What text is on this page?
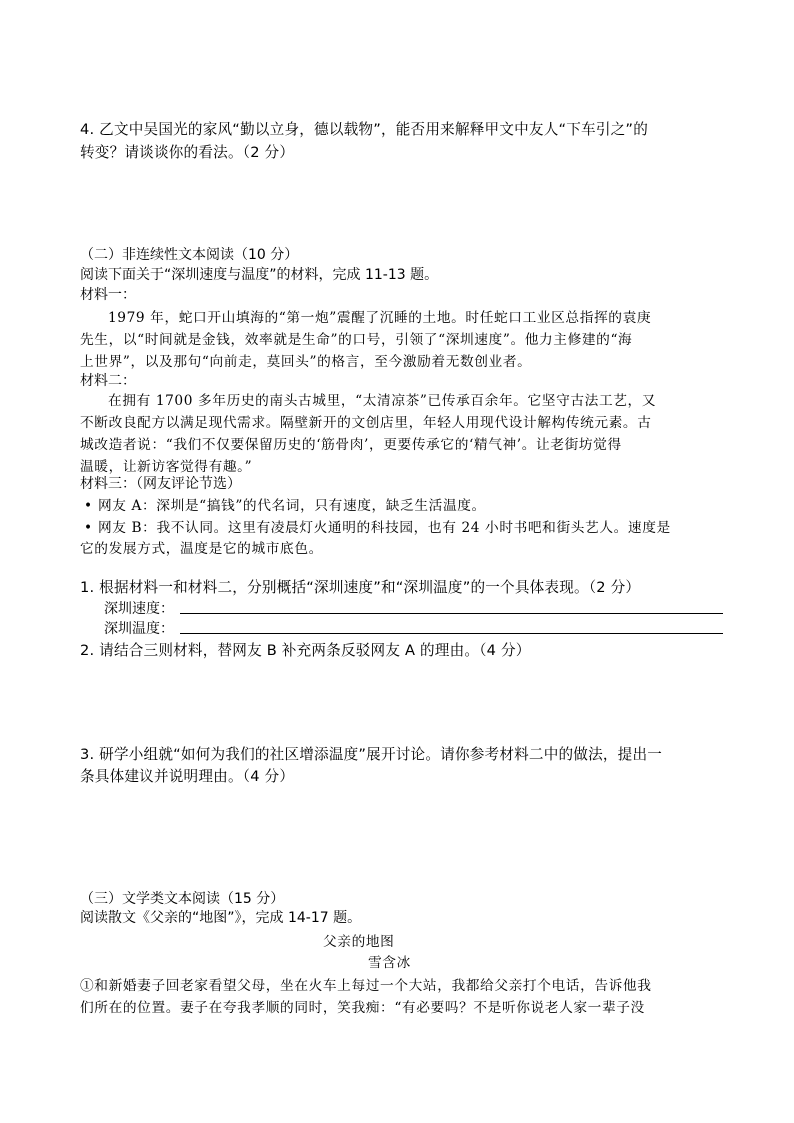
4. 乙文中吴国光的家风“勤以立身，德以载物”，能否用来解释甲文中友人“下车引之”的
转变？请谈谈你的看法。（2 分）
（二）非连续性文本阅读（10 分）
阅读下面关于“深圳速度与温度”的材料，完成 11-13 题。
材料一：
1979 年，蛇口开山填海的“第一炮”震醒了沉睡的土地。时任蛇口工业区总指挥的袁庚
先生，以“时间就是金钱，效率就是生命”的口号，引领了“深圳速度”。他力主修建的“海
上世界”，以及那句“向前走，莫回头”的格言，至今激励着无数创业者。
材料二：
在拥有 1700 多年历史的南头古城里，“太清凉茶”已传承百余年。它坚守古法工艺，又
不断改良配方以满足现代需求。隔壁新开的文创店里，年轻人用现代设计解构传统元素。古
城改造者说：“我们不仅要保留历史的‘筋骨肉’，更要传承它的‘精气神’。让老街坊觉得
温暖，让新访客觉得有趣。”
材料三：（网友评论节选）
• 网友 A：深圳是“搞钱”的代名词，只有速度，缺乏生活温度。
• 网友 B：我不认同。这里有凌晨灯火通明的科技园，也有 24 小时书吧和街头艺人。速度是
它的发展方式，温度是它的城市底色。
1. 根据材料一和材料二，分别概括“深圳速度”和“深圳温度”的一个具体表现。（2 分）
深圳速度：
深圳温度：
2. 请结合三则材料，替网友 B 补充两条反驳网友 A 的理由。（4 分）
3. 研学小组就“如何为我们的社区增添温度”展开讨论。请你参考材料二中的做法，提出一
条具体建议并说明理由。（4 分）
（三）文学类文本阅读（15 分）
阅读散文《父亲的“地图”》，完成 14-17 题。
父亲的地图
雪含冰
①和新婚妻子回老家看望父母，坐在火车上每过一个大站，我都给父亲打个电话，告诉他我
们所在的位置。妻子在夸我孝顺的同时，笑我痴：“有必要吗？不是听你说老人家一辈子没
